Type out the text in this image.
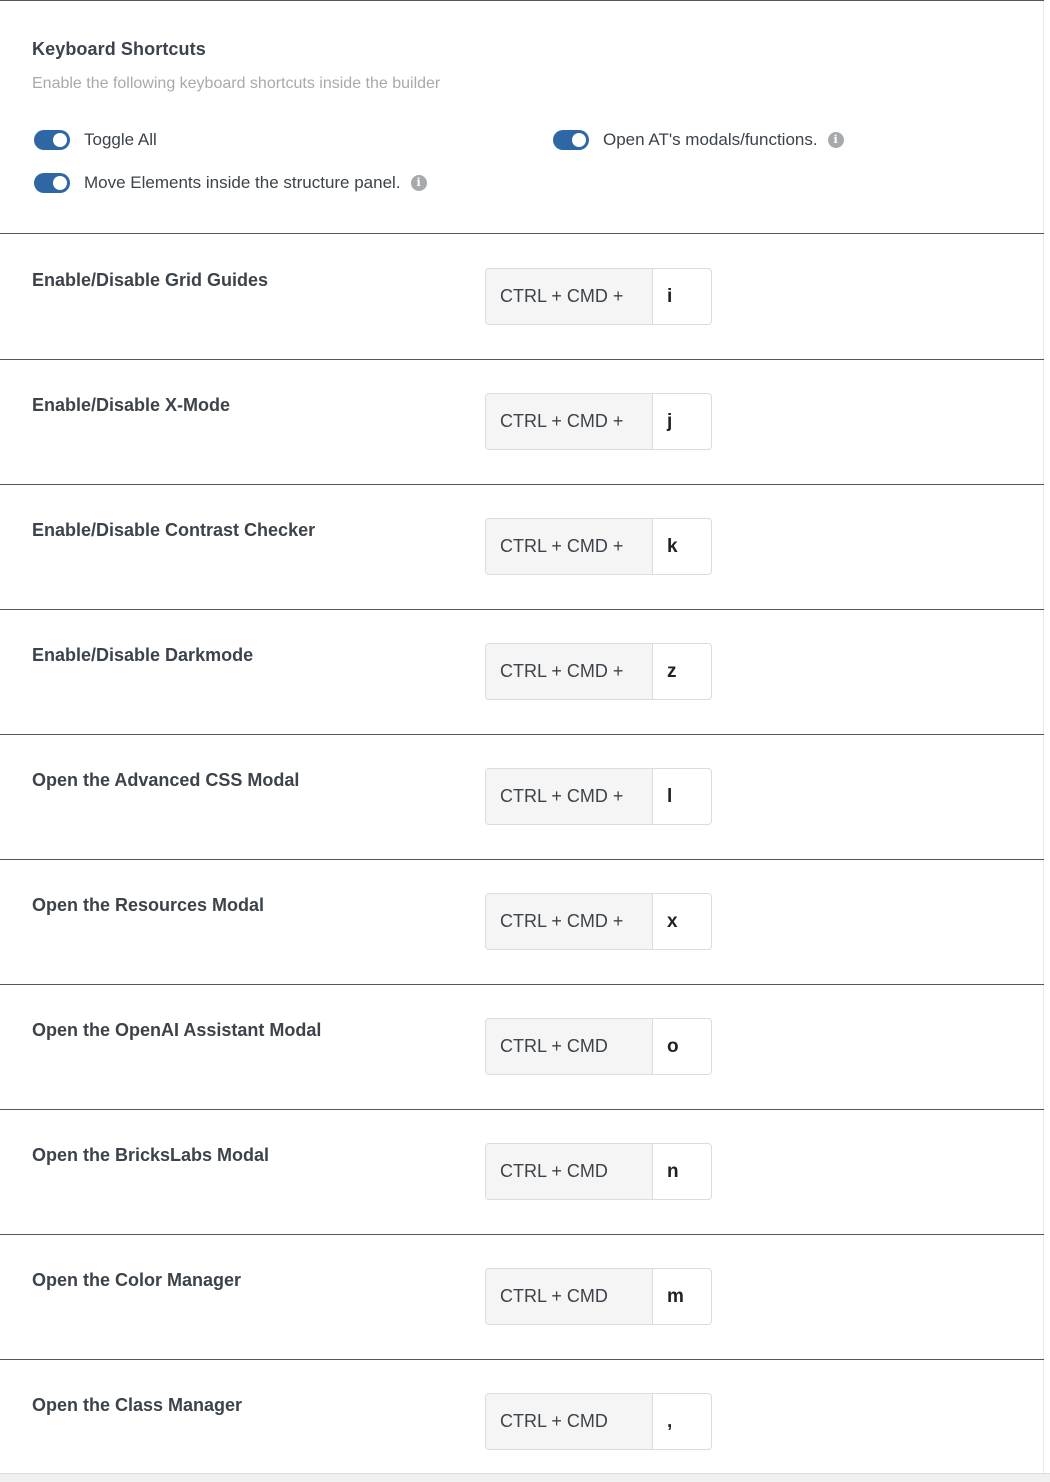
Keyboard Shortcuts
Enable the following keyboard shortcuts inside the builder
Toggle All	Open AT's modals/functions.	i
Move Elements inside the structure panel.	i
Enable/Disable Grid Guides
CTRL + CMD +	i
Enable/Disable X-Mode
CTRL + CMD +	j
Enable/Disable Contrast Checker
CTRL + CMD +	k
Enable/Disable Darkmode
CTRL + CMD +	z
Open the Advanced CSS Modal
CTRL + CMD +	l
Open the Resources Modal
CTRL + CMD +	x
Open the OpenAI Assistant Modal
CTRL + CMD	o
Open the BricksLabs Modal
CTRL + CMD	n
Open the Color Manager
CTRL + CMD	m
Open the Class Manager
CTRL + CMD	,
